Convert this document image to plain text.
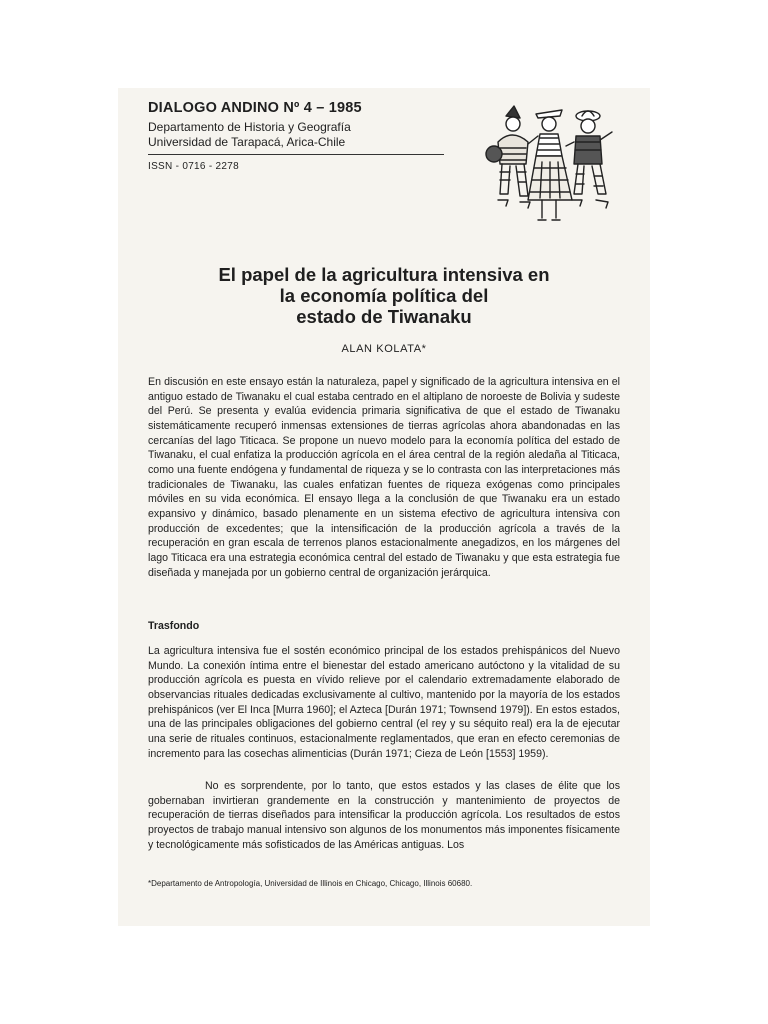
DIALOGO ANDINO Nº 4 – 1985

Departamento de Historia y Geografía
Universidad de Tarapacá, Arica-Chile

ISSN - 0716 - 2278
El papel de la agricultura intensiva en
la economía política del
estado de Tiwanaku
ALAN KOLATA*

En discusión en este ensayo están la naturaleza, papel y significado de la agricultura intensiva en el antiguo estado de Tiwanaku el cual estaba centrado en el altiplano de noroeste de Bolivia y sudeste del Perú. Se presenta y evalúa evidencia primaria significativa de que el estado de Tiwanaku sistemáticamente recuperó inmensas extensiones de tierras agrícolas ahora abandonadas en las cercanías del lago Titicaca. Se propone un nuevo modelo para la economía política del estado de Tiwanaku, el cual enfatiza la producción agrícola en el área central de la región aledaña al Titicaca, como una fuente endógena y fundamental de riqueza y se lo contrasta con las interpretaciones más tradicionales de Tiwanaku, las cuales enfatizan fuentes de riqueza exógenas como principales móviles en su vida económica. El ensayo llega a la conclusión de que Tiwanaku era un estado expansivo y dinámico, basado plenamente en un sistema efectivo de agricultura intensiva con producción de excedentes; que la intensificación de la producción agrícola a través de la recuperación en gran escala de terrenos planos estacionalmente anegadizos, en los márgenes del lago Titicaca era una estrategia económica central del estado de Tiwanaku y que esta estrategia fue diseñada y manejada por un gobierno central de organización jerárquica.

Trasfondo

La agricultura intensiva fue el sostén económico principal de los estados prehispánicos del Nuevo Mundo. La conexión íntima entre el bienestar del estado americano autóctono y la vitalidad de su producción agrícola es puesta en vívido relieve por el calendario extremadamente elaborado de observancias rituales dedicadas exclusivamente al cultivo, mantenido por la mayoría de los estados prehispánicos (ver El Inca [Murra 1960]; el Azteca [Durán 1971; Townsend 1979]). En estos estados, una de las principales obligaciones del gobierno central (el rey y su séquito real) era la de ejecutar una serie de rituales continuos, estacionalmente reglamentados, que eran en efecto ceremonias de incremento para las cosechas alimenticias (Durán 1971; Cieza de León [1553] 1959).

No es sorprendente, por lo tanto, que estos estados y las clases de élite que los gobernaban invirtieran grandemente en la construcción y mantenimiento de proyectos de recuperación de tierras diseñados para intensificar la producción agrícola. Los resultados de estos proyectos de trabajo manual intensivo son algunos de los monumentos más imponentes físicamente y tecnológicamente más sofisticados de las Américas antiguas. Los

*Departamento de Antropología, Universidad de Illinois en Chicago, Chicago, Illinois 60680.
